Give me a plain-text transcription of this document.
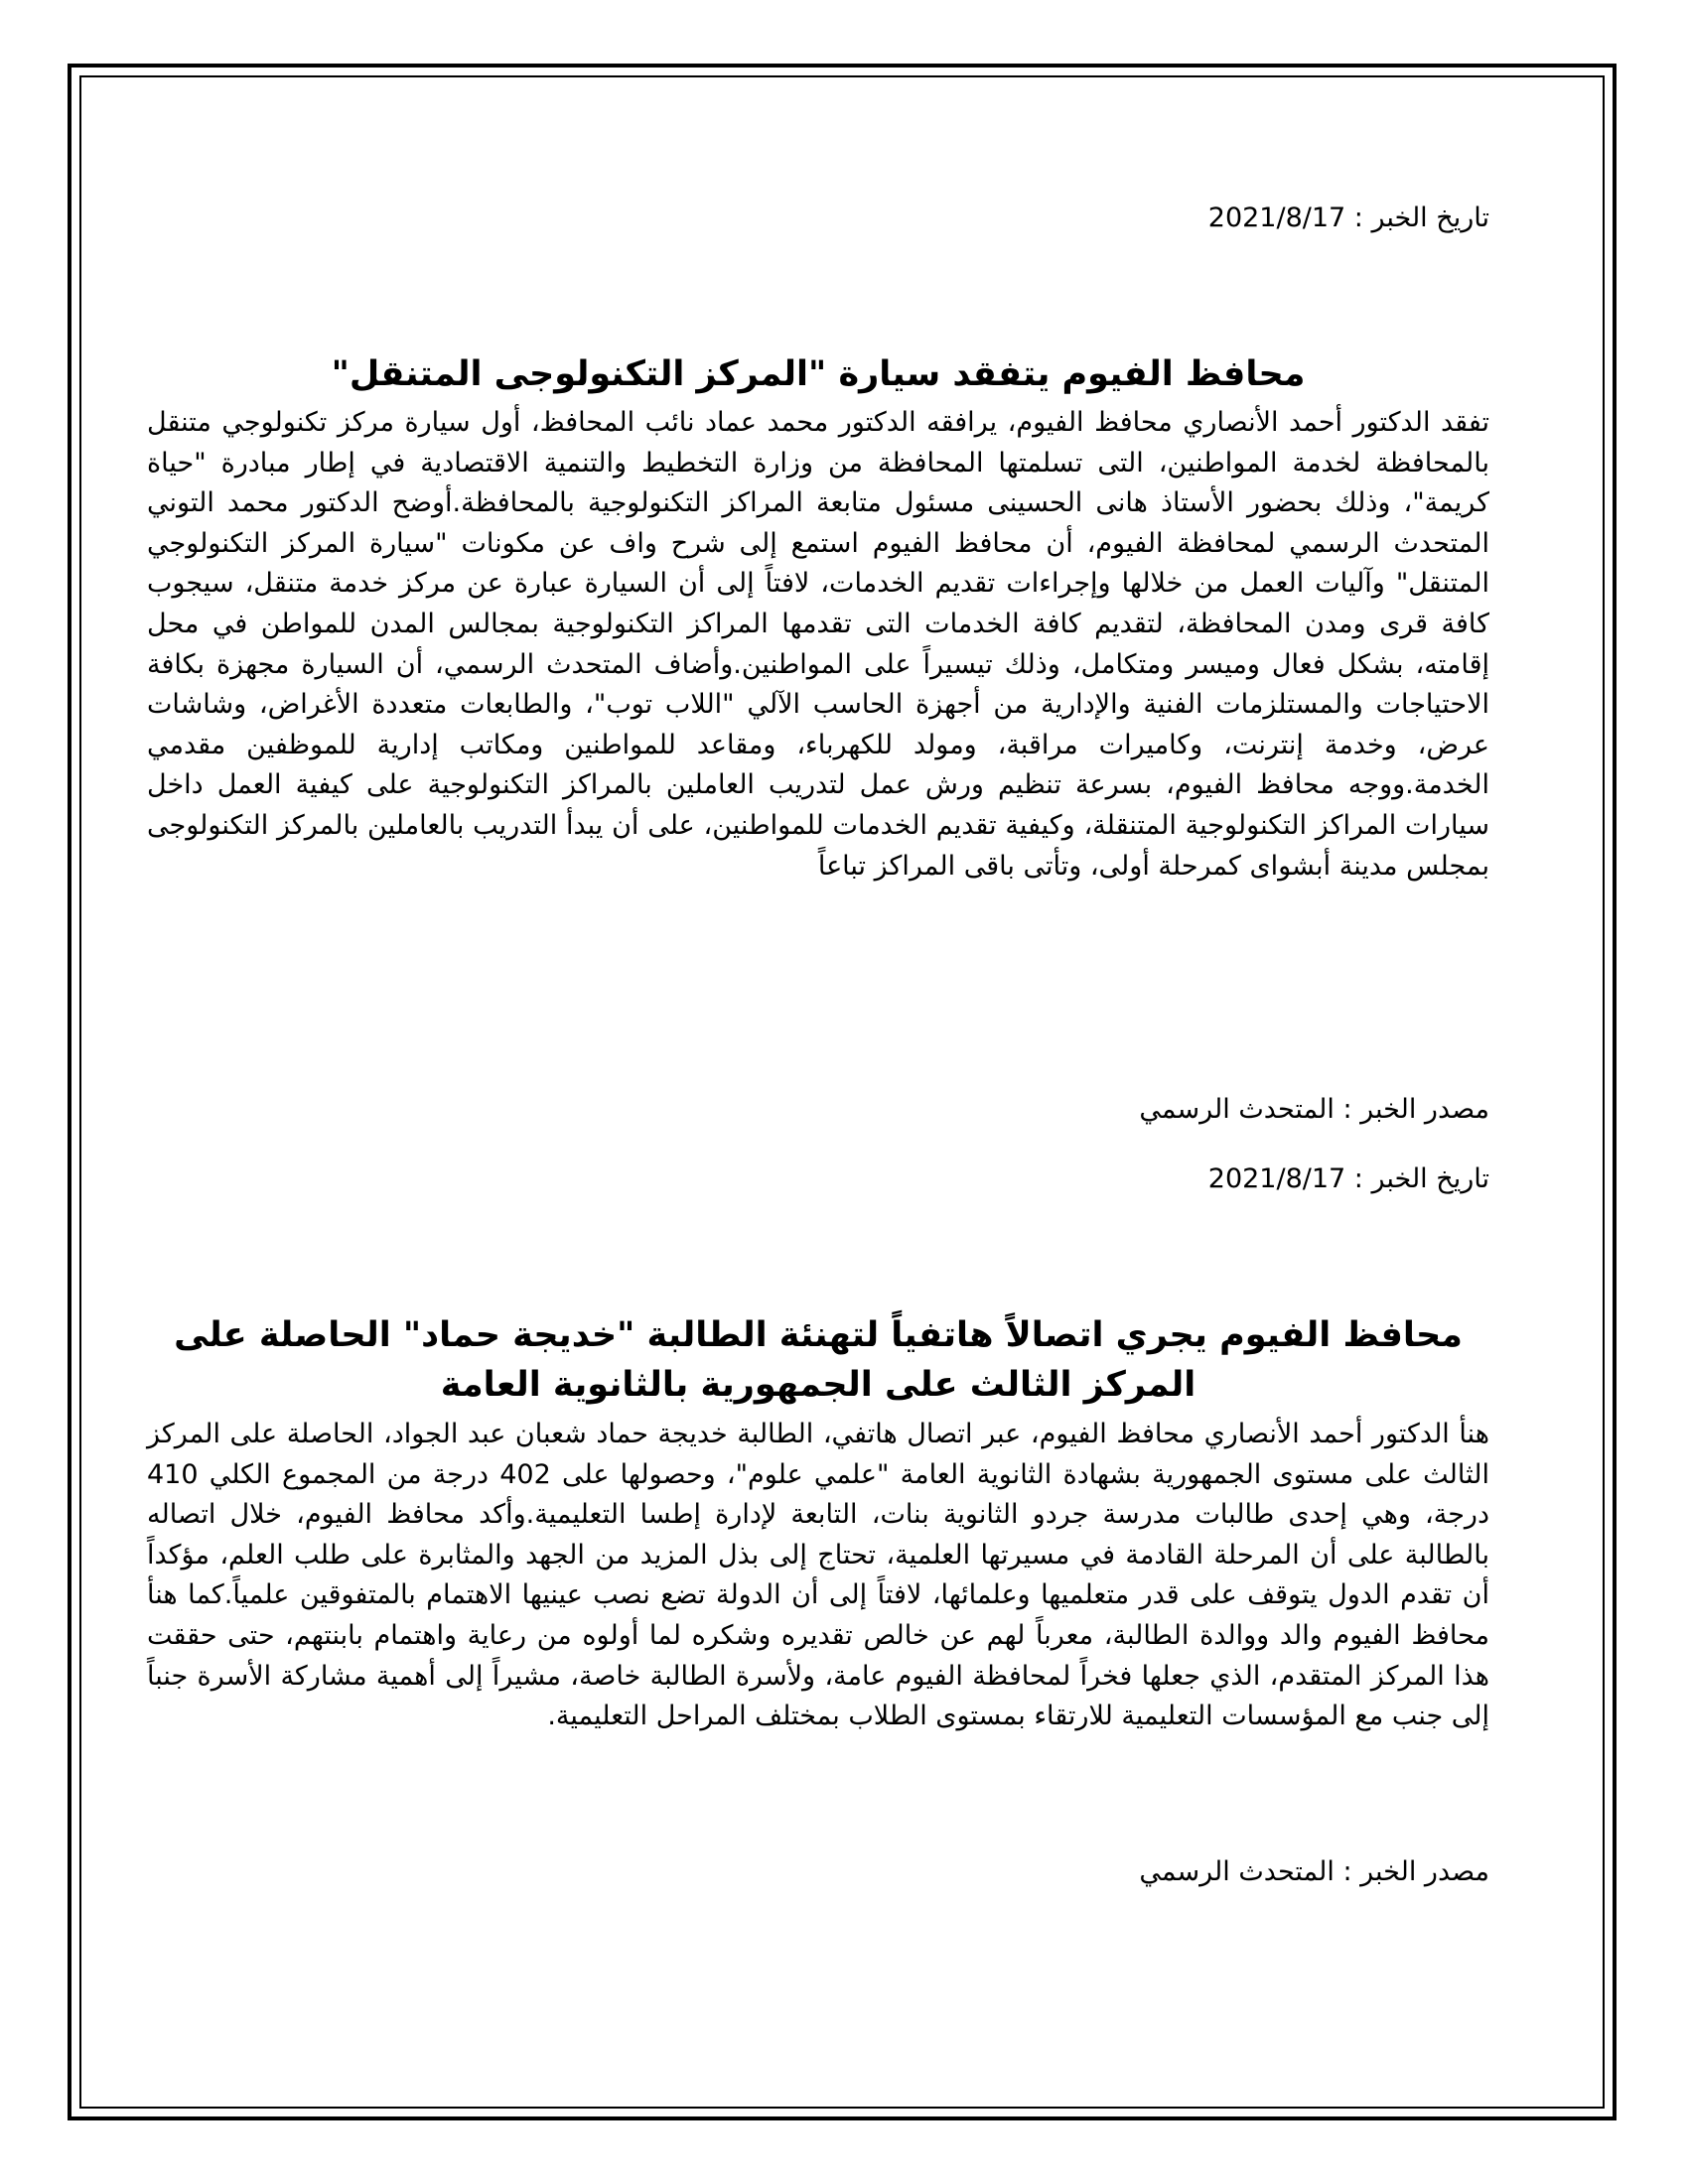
تاريخ الخبر : 2021/8/17

محافظ الفيوم يتفقد سيارة "المركز التكنولوجى المتنقل"

تفقد الدكتور أحمد الأنصاري محافظ الفيوم، يرافقه الدكتور محمد عماد نائب المحافظ، أول سيارة مركز تكنولوجي متنقل بالمحافظة لخدمة المواطنين، التى تسلمتها المحافظة من وزارة التخطيط والتنمية الاقتصادية في إطار مبادرة "حياة كريمة"، وذلك بحضور الأستاذ هانى الحسينى مسئول متابعة المراكز التكنولوجية بالمحافظة.أوضح الدكتور محمد التوني المتحدث الرسمي لمحافظة الفيوم، أن محافظ الفيوم استمع إلى شرح واف عن مكونات "سيارة المركز التكنولوجي المتنقل" وآليات العمل من خلالها وإجراءات تقديم الخدمات، لافتاً إلى أن السيارة عبارة عن مركز خدمة متنقل، سيجوب كافة قرى ومدن المحافظة، لتقديم كافة الخدمات التى تقدمها المراكز التكنولوجية بمجالس المدن للمواطن في محل إقامته، بشكل فعال وميسر ومتكامل، وذلك تيسيراً على المواطنين.وأضاف المتحدث الرسمي، أن السيارة مجهزة بكافة الاحتياجات والمستلزمات الفنية والإدارية من أجهزة الحاسب الآلي "اللاب توب"، والطابعات متعددة الأغراض، وشاشات عرض، وخدمة إنترنت، وكاميرات مراقبة، ومولد للكهرباء، ومقاعد للمواطنين ومكاتب إدارية للموظفين مقدمي الخدمة.ووجه محافظ الفيوم، بسرعة تنظيم ورش عمل لتدريب العاملين بالمراكز التكنولوجية على كيفية العمل داخل سيارات المراكز التكنولوجية المتنقلة، وكيفية تقديم الخدمات للمواطنين، على أن يبدأ التدريب بالعاملين بالمركز التكنولوجى بمجلس مدينة أبشواى كمرحلة أولى، وتأتى باقى المراكز تباعاً

مصدر الخبر : المتحدث الرسمي

تاريخ الخبر : 2021/8/17

محافظ الفيوم يجري اتصالاً هاتفياً لتهنئة الطالبة "خديجة حماد" الحاصلة على المركز الثالث على الجمهورية بالثانوية العامة

هنأ الدكتور أحمد الأنصاري محافظ الفيوم، عبر اتصال هاتفي، الطالبة خديجة حماد شعبان عبد الجواد، الحاصلة على المركز الثالث على مستوى الجمهورية بشهادة الثانوية العامة "علمي علوم"، وحصولها على 402 درجة من المجموع الكلي 410 درجة، وهي إحدى طالبات مدرسة جردو الثانوية بنات، التابعة لإدارة إطسا التعليمية.وأكد محافظ الفيوم، خلال اتصاله بالطالبة على أن المرحلة القادمة في مسيرتها العلمية، تحتاج إلى بذل المزيد من الجهد والمثابرة على طلب العلم، مؤكداً أن تقدم الدول يتوقف على قدر متعلميها وعلمائها، لافتاً إلى أن الدولة تضع نصب عينيها الاهتمام بالمتفوقين علمياً.كما هنأ محافظ الفيوم والد ووالدة الطالبة، معرباً لهم عن خالص تقديره وشكره لما أولوه من رعاية واهتمام بابنتهم، حتى حققت هذا المركز المتقدم، الذي جعلها فخراً لمحافظة الفيوم عامة، ولأسرة الطالبة خاصة، مشيراً إلى أهمية مشاركة الأسرة جنباً إلى جنب مع المؤسسات التعليمية للارتقاء بمستوى الطلاب بمختلف المراحل التعليمية.

مصدر الخبر : المتحدث الرسمي
